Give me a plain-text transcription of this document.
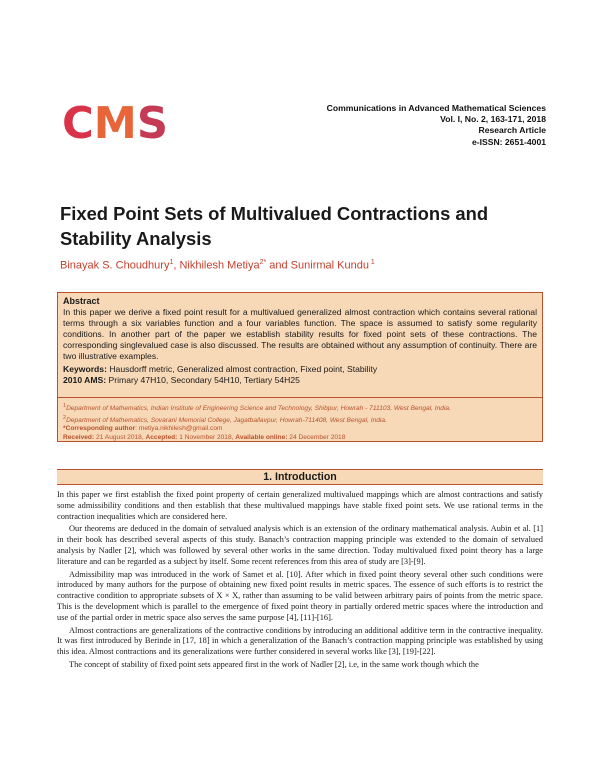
CMS	Communications in Advanced Mathematical Sciences
Vol. I, No. 2, 163-171, 2018
Research Article
e-ISSN: 2651-4001
Fixed Point Sets of Multivalued Contractions and Stability Analysis
Binayak S. Choudhury$^1$, Nikhilesh Metiya$^{2*}$ and Sunirmal Kundu $^1$
Abstract
In this paper we derive a fixed point result for a multivalued generalized almost contraction which contains several rational terms through a six variables function and a four variables function. The space is assumed to satisfy some regularity conditions. In another part of the paper we establish stability results for fixed point sets of these contractions. The corresponding singlevalued case is also discussed. The results are obtained without any assumption of continuity. There are two illustrative examples.
Keywords: Hausdorff metric, Generalized almost contraction, Fixed point, Stability
2010 AMS: Primary 47H10, Secondary 54H10, Tertiary 54H25
$^1$Department of Mathematics, Indian Institute of Engineering Science and Technology, Shibpur, Howrah - 711103, West Bengal, India.
$^2$Department of Mathematics, Sovarani Memorial College, Jagatballavpur, Howrah-711408, West Bengal, India.
*Corresponding author: metiya.nikhilesh@gmail.com
Received: 21 August 2018, Accepted: 1 November 2018, Available online: 24 December 2018
1. Introduction

In this paper we first establish the fixed point property of certain generalized multivalued mappings which are almost contractions and satisfy some admissibility conditions and then establish that these multivalued mappings have stable fixed point sets. We use rational terms in the contraction inequalities which are considered here.

Our theorems are deduced in the domain of setvalued analysis which is an extension of the ordinary mathematical analysis. Aubin et al. [1] in their book has described several aspects of this study. Banach’s contraction mapping principle was extended to the domain of setvalued analysis by Nadler [2], which was followed by several other works in the same direction. Today multivalued fixed point theory has a large literature and can be regarded as a subject by itself. Some recent references from this area of study are [3]-[9].

Admissibility map was introduced in the work of Samet et al. [10]. After which in fixed point theory several other such conditions were introduced by many authors for the purpose of obtaining new fixed point results in metric spaces. The essence of such efforts is to restrict the contractive condition to appropriate subsets of X × X, rather than assuming to be valid between arbitrary pairs of points from the metric space. This is the development which is parallel to the emergence of fixed point theory in partially ordered metric spaces where the introduction and use of the partial order in metric space also serves the same purpose [4], [11]-[16].

Almost contractions are generalizations of the contractive conditions by introducing an additional additive term in the contractive inequality. It was first introduced by Berinde in [17, 18] in which a generalization of the Banach’s contraction mapping principle was established by using this idea. Almost contractions and its generalizations were further considered in several works like [3], [19]-[22].

The concept of stability of fixed point sets appeared first in the work of Nadler [2], i.e, in the same work though which the
